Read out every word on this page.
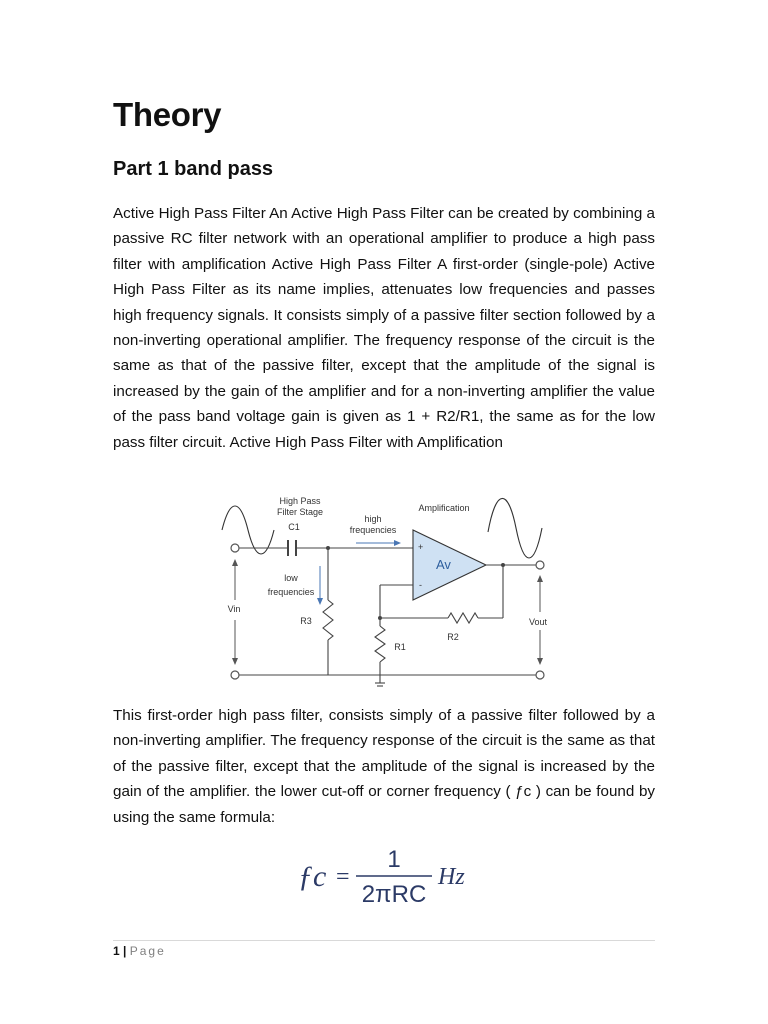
Theory
Part 1 band pass

Active High Pass Filter An Active High Pass Filter can be created by combining a passive RC filter network with an operational amplifier to produce a high pass filter with amplification Active High Pass Filter A first-order (single-pole) Active High Pass Filter as its name implies, attenuates low frequencies and passes high frequency signals. It consists simply of a passive filter section followed by a non-inverting operational amplifier. The frequency response of the circuit is the same as that of the passive filter, except that the amplitude of the signal is increased by the gain of the amplifier and for a non-inverting amplifier the value of the pass band voltage gain is given as 1 + R2/R1, the same as for the low pass filter circuit. Active High Pass Filter with Amplification

High Pass
Filter Stage
C1
high
frequencies
Amplification
low
frequencies
Vin
R3
R1
R2
Vout
Av
+
-

This first-order high pass filter, consists simply of a passive filter followed by a non-inverting amplifier. The frequency response of the circuit is the same as that of the passive filter, except that the amplitude of the signal is increased by the gain of the amplifier. the lower cut-off or corner frequency ( ƒc ) can be found by using the same formula:

ƒc =
1
2πRC
Hz
1 | Page
